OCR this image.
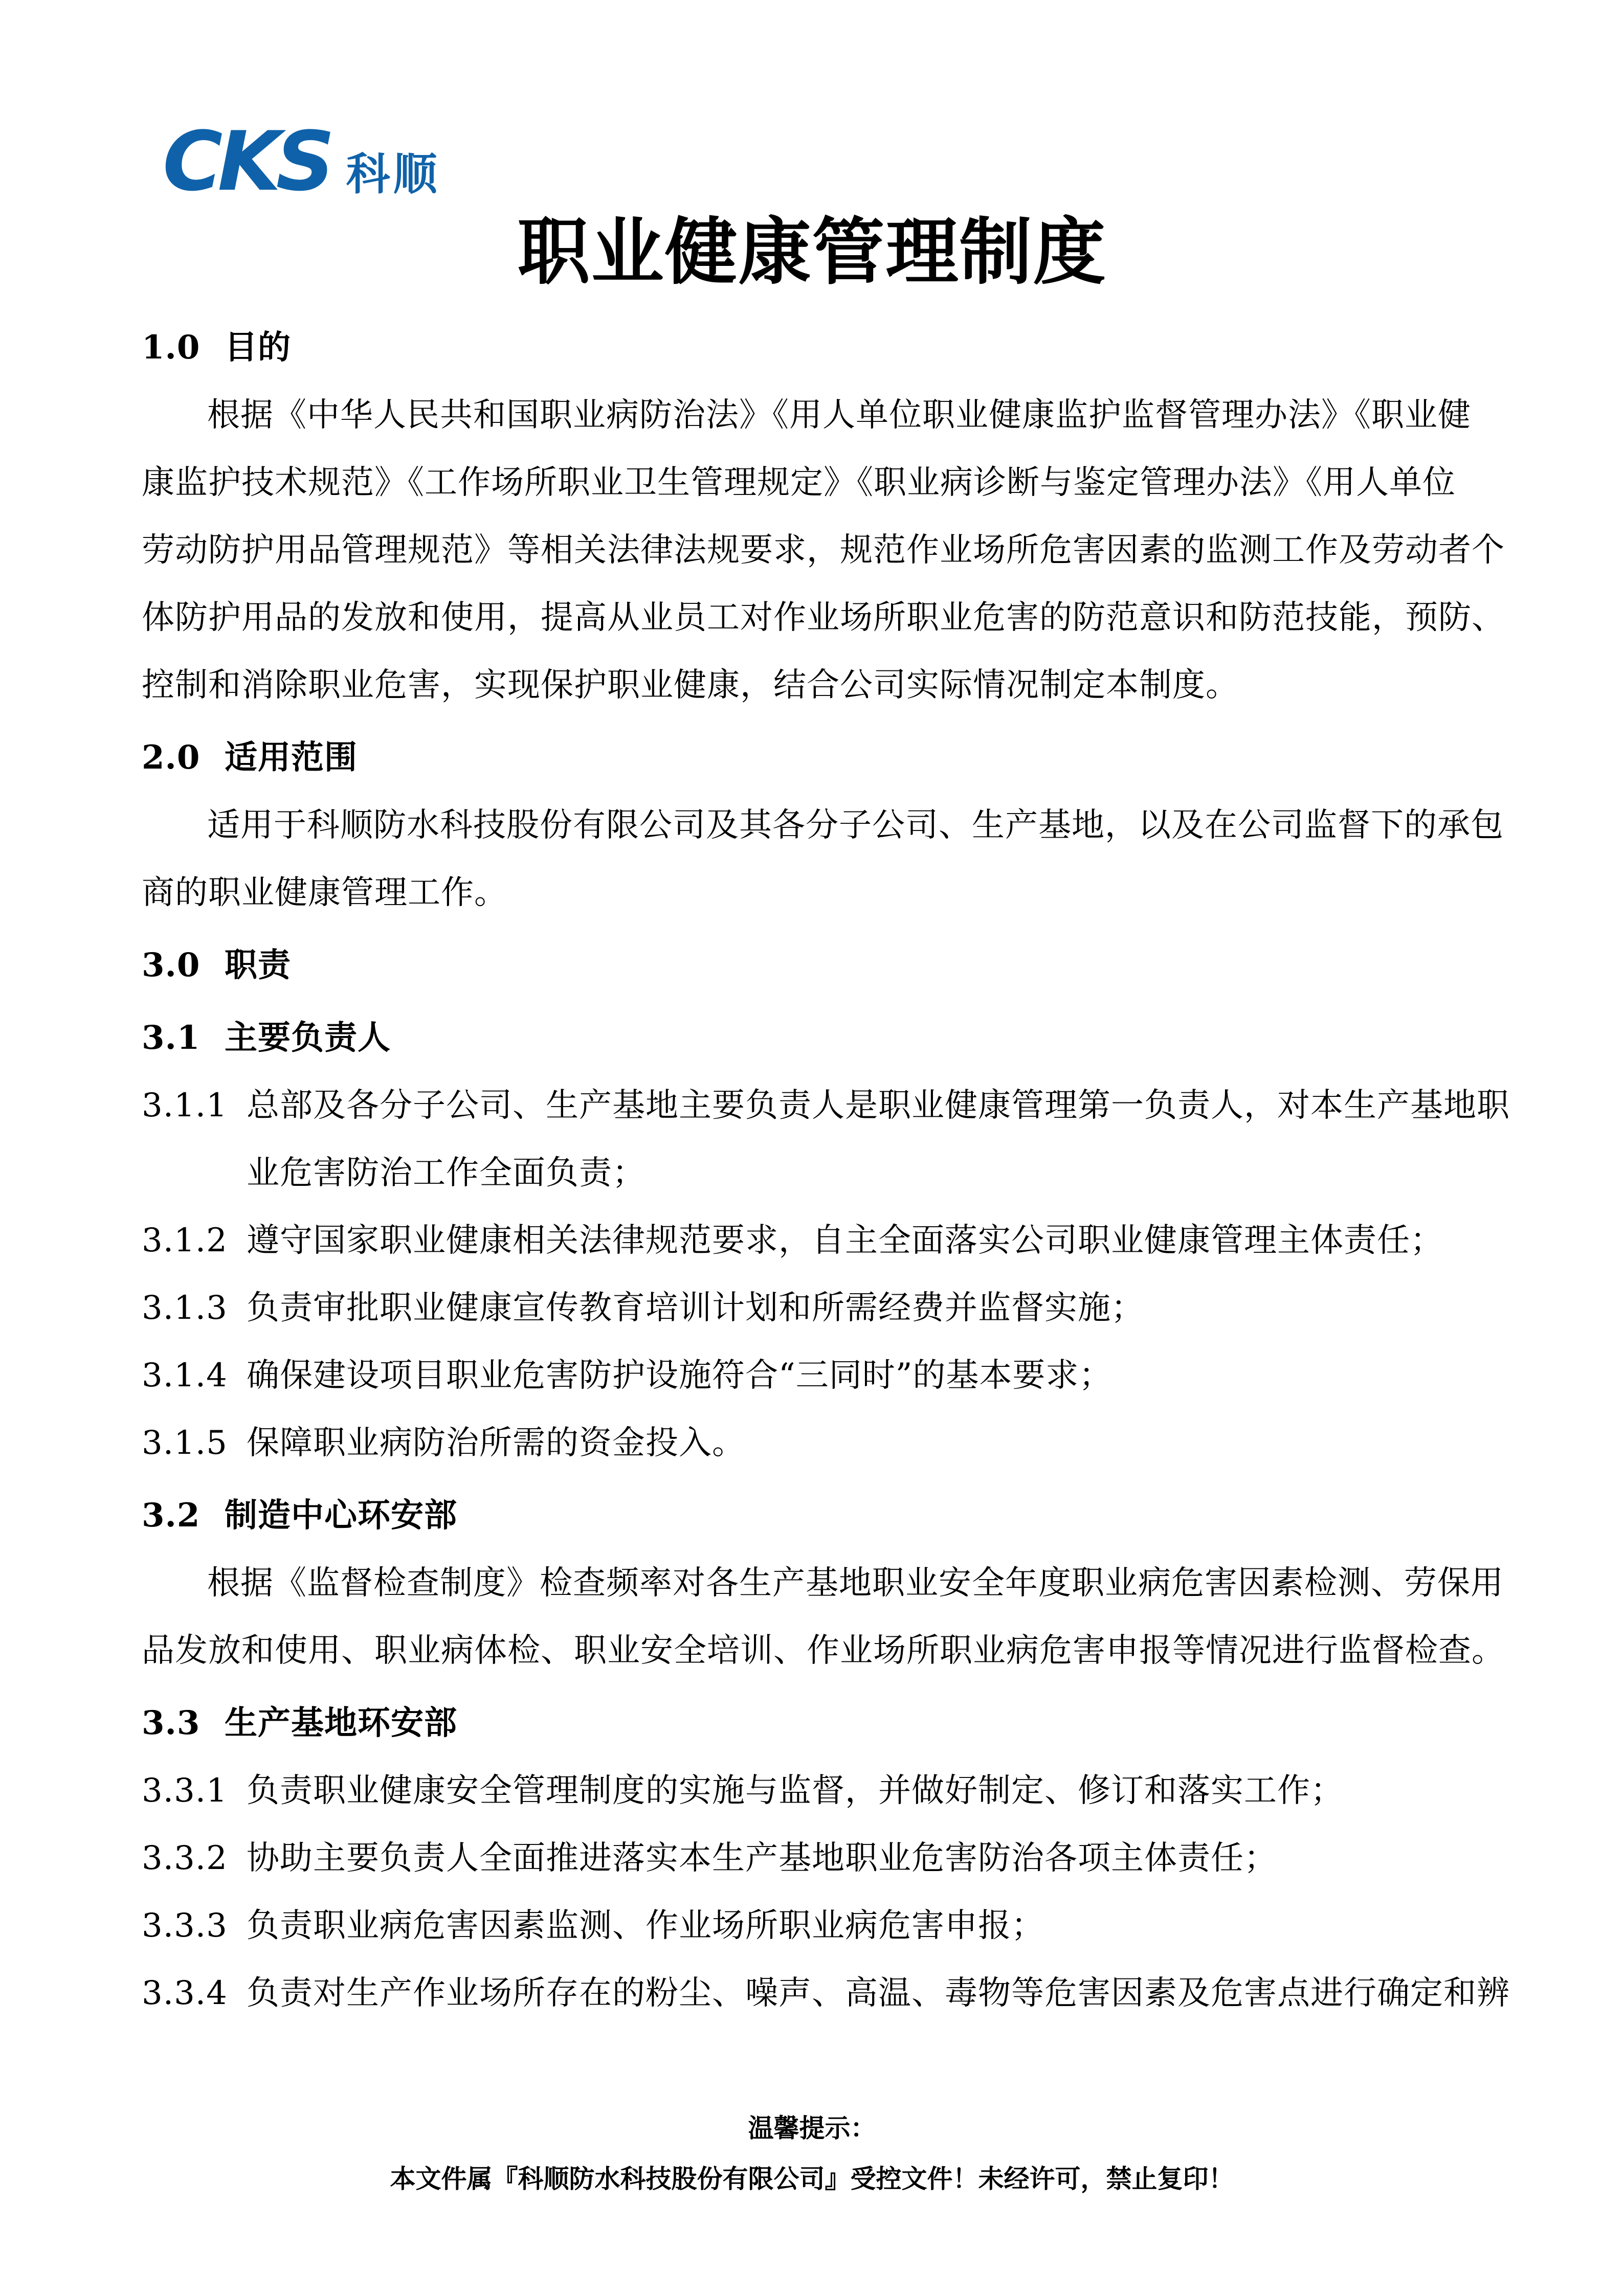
CKS 科顺
职业健康管理制度
1.0 目的
根据《中华人民共和国职业病防治法》《用人单位职业健康监护监督管理办法》《职业健
康监护技术规范》《工作场所职业卫生管理规定》《职业病诊断与鉴定管理办法》《用人单位
劳动防护用品管理规范》等相关法律法规要求，规范作业场所危害因素的监测工作及劳动者个
体防护用品的发放和使用，提高从业员工对作业场所职业危害的防范意识和防范技能，预防、
控制和消除职业危害，实现保护职业健康，结合公司实际情况制定本制度。
2.0 适用范围
适用于科顺防水科技股份有限公司及其各分子公司、生产基地，以及在公司监督下的承包
商的职业健康管理工作。
3.0 职责
3.1 主要负责人
3.1.1 总部及各分子公司、生产基地主要负责人是职业健康管理第一负责人，对本生产基地职
业危害防治工作全面负责；
3.1.2 遵守国家职业健康相关法律规范要求，自主全面落实公司职业健康管理主体责任；
3.1.3 负责审批职业健康宣传教育培训计划和所需经费并监督实施；
3.1.4 确保建设项目职业危害防护设施符合“三同时”的基本要求；
3.1.5 保障职业病防治所需的资金投入。
3.2 制造中心环安部
根据《监督检查制度》检查频率对各生产基地职业安全年度职业病危害因素检测、劳保用
品发放和使用、职业病体检、职业安全培训、作业场所职业病危害申报等情况进行监督检查。
3.3 生产基地环安部
3.3.1 负责职业健康安全管理制度的实施与监督，并做好制定、修订和落实工作；
3.3.2 协助主要负责人全面推进落实本生产基地职业危害防治各项主体责任；
3.3.3 负责职业病危害因素监测、作业场所职业病危害申报；
3.3.4 负责对生产作业场所存在的粉尘、噪声、高温、毒物等危害因素及危害点进行确定和辨
温馨提示：
本文件属『科顺防水科技股份有限公司』受控文件！未经许可，禁止复印！
